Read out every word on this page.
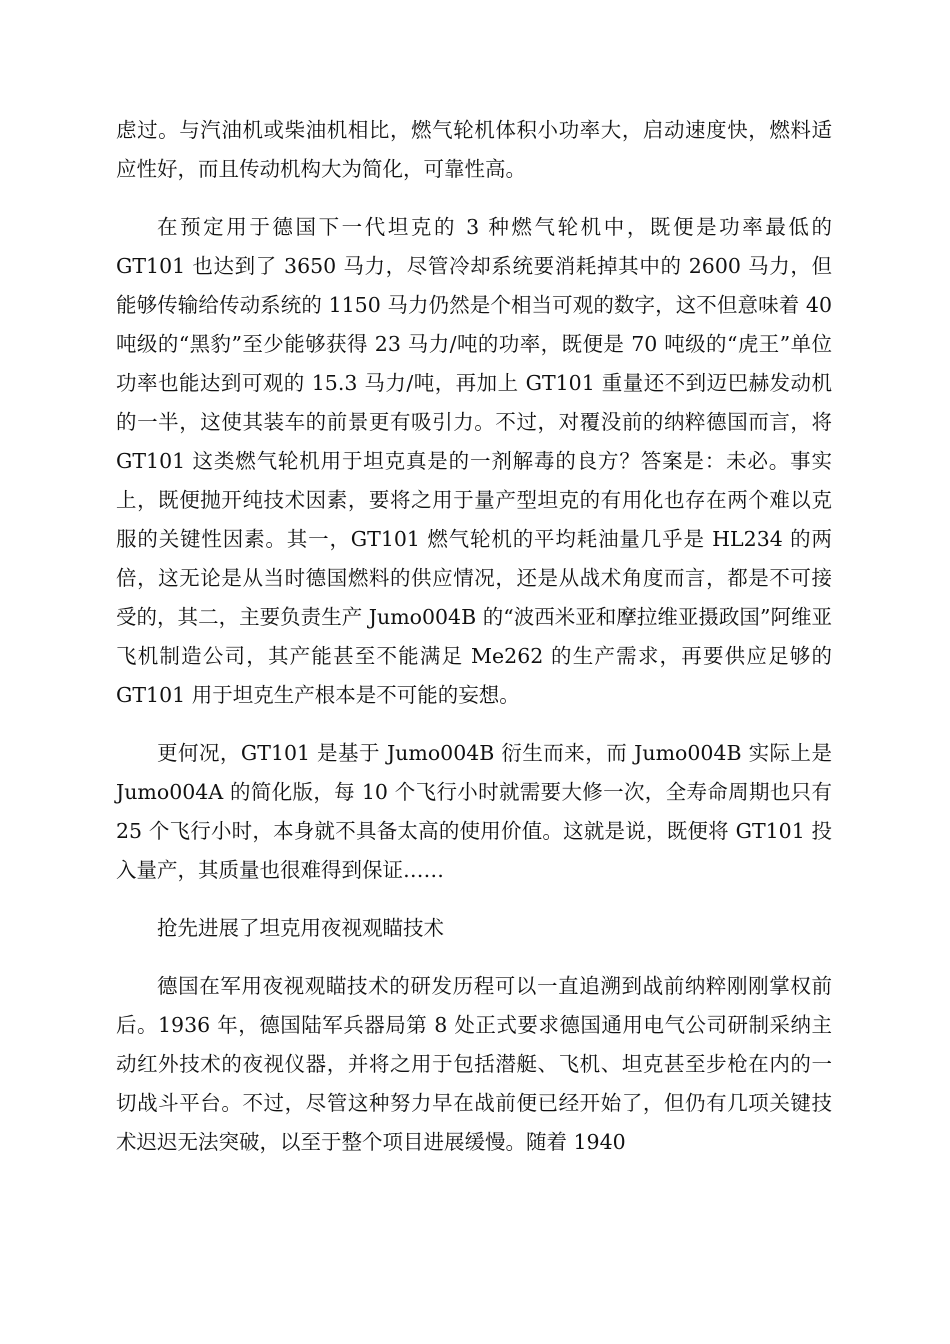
虑过。与汽油机或柴油机相比，燃气轮机体积小功率大，启动速度快，燃料适应性好，而且传动机构大为简化，可靠性高。

在预定用于德国下一代坦克的 3 种燃气轮机中，既便是功率最低的 GT101 也达到了 3650 马力，尽管冷却系统要消耗掉其中的 2600 马力，但能够传输给传动系统的 1150 马力仍然是个相当可观的数字，这不但意味着 40 吨级的“黑豹”至少能够获得 23 马力/吨的功率，既便是 70 吨级的“虎王”单位功率也能达到可观的 15.3 马力/吨，再加上 GT101 重量还不到迈巴赫发动机的一半，这使其装车的前景更有吸引力。不过，对覆没前的纳粹德国而言，将 GT101 这类燃气轮机用于坦克真是的一剂解毒的良方？答案是：未必。事实上，既便抛开纯技术因素，要将之用于量产型坦克的有用化也存在两个难以克服的关键性因素。其一，GT101 燃气轮机的平均耗油量几乎是 HL234 的两倍，这无论是从当时德国燃料的供应情况，还是从战术角度而言，都是不可接受的，其二，主要负责生产 Jumo004B 的“波西米亚和摩拉维亚摄政国”阿维亚飞机制造公司，其产能甚至不能满足 Me262 的生产需求，再要供应足够的 GT101 用于坦克生产根本是不可能的妄想。

更何况，GT101 是基于 Jumo004B 衍生而来，而 Jumo004B 实际上是 Jumo004A 的简化版，每 10 个飞行小时就需要大修一次，全寿命周期也只有 25 个飞行小时，本身就不具备太高的使用价值。这就是说，既便将 GT101 投入量产，其质量也很难得到保证……

抢先进展了坦克用夜视观瞄技术

德国在军用夜视观瞄技术的研发历程可以一直追溯到战前纳粹刚刚掌权前后。1936 年，德国陆军兵器局第 8 处正式要求德国通用电气公司研制采纳主动红外技术的夜视仪器，并将之用于包括潜艇、飞机、坦克甚至步枪在内的一切战斗平台。不过，尽管这种努力早在战前便已经开始了，但仍有几项关键技术迟迟无法突破，以至于整个项目进展缓慢。随着 1940
